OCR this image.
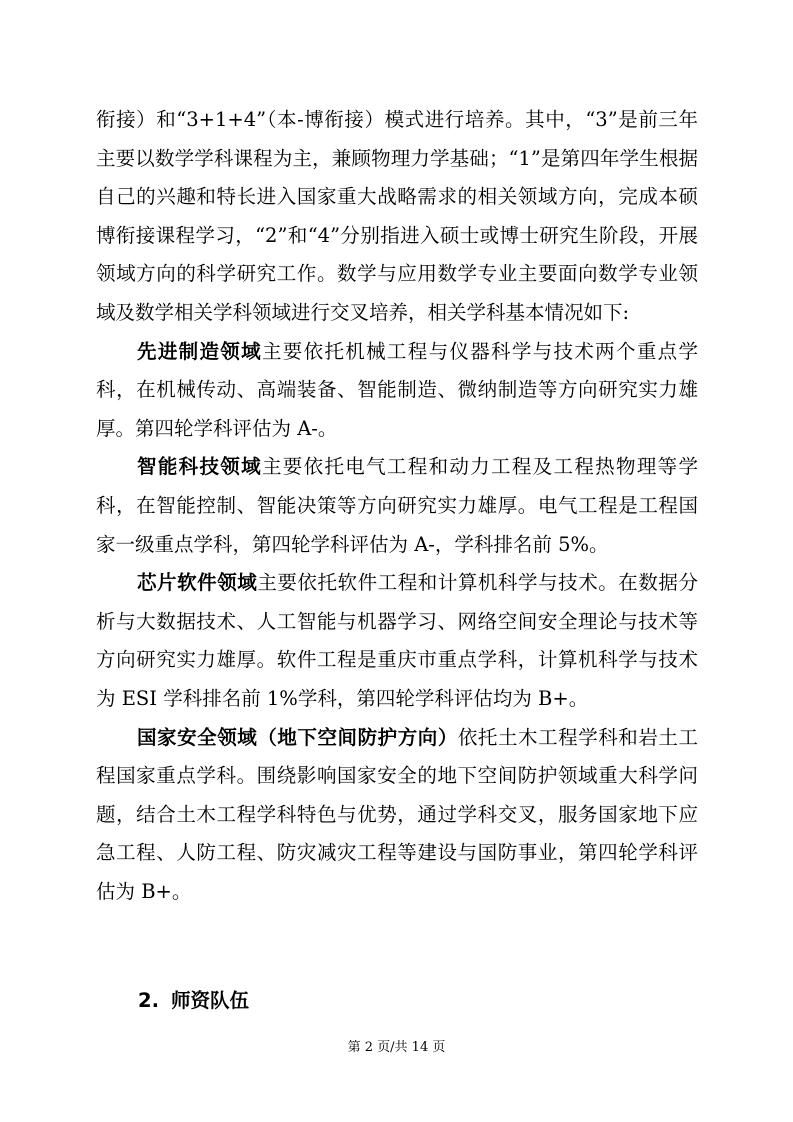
衔接）和“3+1+4”（本-博衔接）模式进行培养。其中，“3”是前三年主要以数学学科课程为主，兼顾物理力学基础；“1”是第四年学生根据自己的兴趣和特长进入国家重大战略需求的相关领域方向，完成本硕博衔接课程学习，“2”和“4”分别指进入硕士或博士研究生阶段，开展领域方向的科学研究工作。数学与应用数学专业主要面向数学专业领域及数学相关学科领域进行交叉培养，相关学科基本情况如下:

先进制造领域主要依托机械工程与仪器科学与技术两个重点学科，在机械传动、高端装备、智能制造、微纳制造等方向研究实力雄厚。第四轮学科评估为 A-。

智能科技领域主要依托电气工程和动力工程及工程热物理等学科，在智能控制、智能决策等方向研究实力雄厚。电气工程是工程国家一级重点学科，第四轮学科评估为 A-，学科排名前 5%。

芯片软件领域主要依托软件工程和计算机科学与技术。在数据分析与大数据技术、人工智能与机器学习、网络空间安全理论与技术等方向研究实力雄厚。软件工程是重庆市重点学科，计算机科学与技术为 ESI 学科排名前 1%学科，第四轮学科评估均为 B+。

国家安全领域（地下空间防护方向）依托土木工程学科和岩土工程国家重点学科。围绕影响国家安全的地下空间防护领域重大科学问题，结合土木工程学科特色与优势，通过学科交叉，服务国家地下应急工程、人防工程、防灾减灾工程等建设与国防事业，第四轮学科评估为 B+。

2. 师资队伍
第 2 页/共 14 页
